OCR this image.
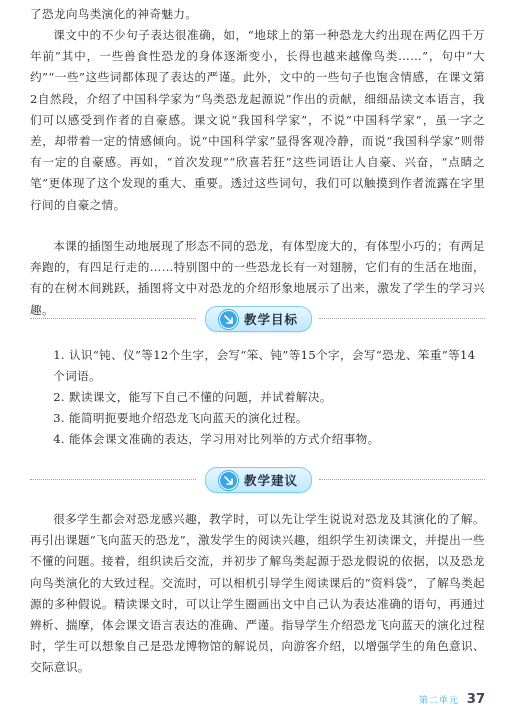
了恐龙向鸟类演化的神奇魅力。

课文中的不少句子表达很准确，如，“地球上的第一种恐龙大约出现在两亿四千万年前”其中，一些兽食性恐龙的身体逐渐变小，长得也越来越像鸟类……”，句中“大约”“一些”这些词都体现了表达的严谨。此外，文中的一些句子也饱含情感，在课文第2自然段，介绍了中国科学家为“鸟类恐龙起源说”作出的贡献，细细品读文本语言，我们可以感受到作者的自豪感。课文说“我国科学家”，不说“中国科学家”，虽一字之差，却带着一定的情感倾向。说“中国科学家”显得客观冷静，而说“我国科学家”则带有一定的自豪感。再如，“首次发现”“欣喜若狂”这些词语让人自豪、兴奋，“点睛之笔”更体现了这个发现的重大、重要。透过这些词句，我们可以触摸到作者流露在字里行间的自豪之情。

本课的插图生动地展现了形态不同的恐龙，有体型庞大的，有体型小巧的；有两足奔跑的，有四足行走的……特别图中的一些恐龙长有一对翅膀，它们有的生活在地面，有的在树木间跳跃，插图将文中对恐龙的介绍形象地展示了出来，激发了学生的学习兴趣。

教学目标
1. 认识“钝、仪”等12个生字，会写“笨、钝”等15个字，会写“恐龙、笨重”等14个词语。
2. 默读课文，能写下自己不懂的问题，并试着解决。
3. 能简明扼要地介绍恐龙飞向蓝天的演化过程。
4. 能体会课文准确的表达，学习用对比列举的方式介绍事物。
教学建议

很多学生都会对恐龙感兴趣，教学时，可以先让学生说说对恐龙及其演化的了解。再引出课题“飞向蓝天的恐龙”，激发学生的阅读兴趣，组织学生初读课文，并提出一些不懂的问题。接着，组织读后交流，并初步了解鸟类起源于恐龙假说的依据，以及恐龙向鸟类演化的大致过程。交流时，可以相机引导学生阅读课后的“资料袋”，了解鸟类起源的多种假说。精读课文时，可以让学生圈画出文中自己认为表达准确的语句，再通过辨析、揣摩，体会课文语言表达的准确、严谨。指导学生介绍恐龙飞向蓝天的演化过程时，学生可以想象自己是恐龙博物馆的解说员，向游客介绍，以增强学生的角色意识、交际意识。

第二单元 37
